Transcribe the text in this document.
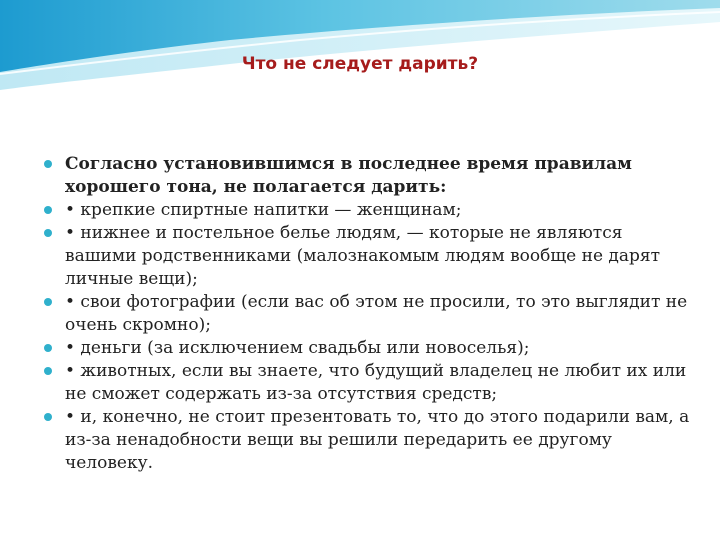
Что не следует дарить?
Согласно установившимся в последнее время правилам хорошего тона, не полагается дарить:
• крепкие спиртные напитки — женщинам;
• нижнее и постельное белье людям, — которые не являются вашими родственниками (малознакомым людям вообще не дарят личные вещи);
• свои фотографии (если вас об этом не просили, то это выглядит не очень скромно);
• деньги (за исключением свадьбы или новоселья);
• животных, если вы знаете, что будущий владелец не любит их или не сможет содержать из-за отсутствия средств;
• и, конечно, не стоит презентовать то, что до этого подарили вам, а из-за ненадобности вещи вы решили передарить ее другому человеку.
